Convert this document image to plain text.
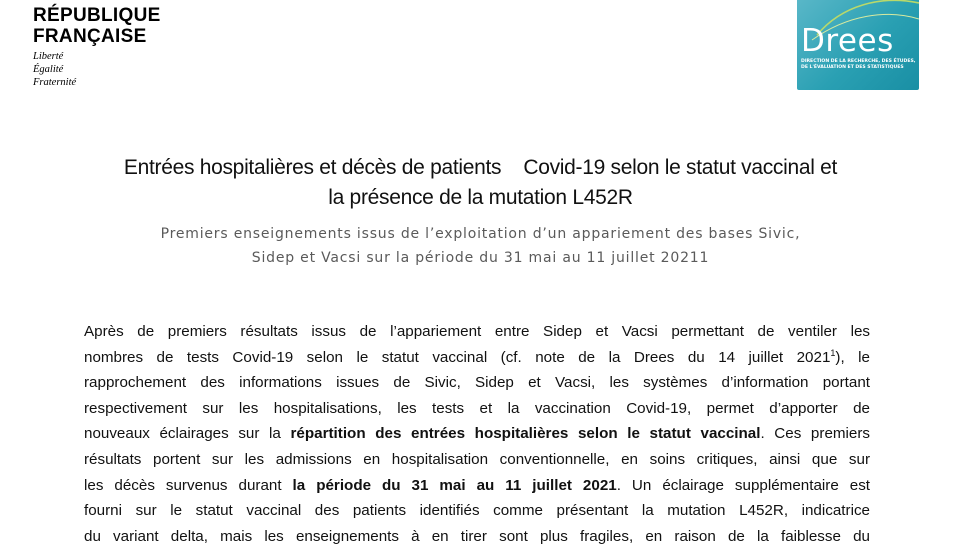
RÉPUBLIQUE
FRANÇAISE
Liberté
Égalité
Fraternité
Drees
DIRECTION DE LA RECHERCHE, DES ÉTUDES, DE L'ÉVALUATION ET DES STATISTIQUES
Entrées hospitalières et décès de patients    Covid-19 selon le statut vaccinal et
la présence de la mutation L452R
Premiers enseignements issus de l’exploitation d’un appariement des bases Sivic,
Sidep et Vacsi sur la période du 31 mai au 11 juillet 20211
Après de premiers résultats issus de l’appariement entre Sidep et Vacsi permettant de ventiler les
nombres de tests Covid-19 selon le statut vaccinal (cf. note de la Drees du 14 juillet 2021$^1$), le
rapprochement des informations issues de Sivic, Sidep et Vacsi, les systèmes d’information portant
respectivement sur les hospitalisations, les tests et la vaccination Covid-19, permet d’apporter de
nouveaux éclairages sur la répartition des entrées hospitalières selon le statut vaccinal. Ces premiers
résultats portent sur les admissions en hospitalisation conventionnelle, en soins critiques, ainsi que sur
les décès survenus durant la période du 31 mai au 11 juillet 2021. Un éclairage supplémentaire est
fourni sur le statut vaccinal des patients identifiés comme présentant la mutation L452R, indicatrice
du variant delta, mais les enseignements à en tirer sont plus fragiles, en raison de la faiblesse du
